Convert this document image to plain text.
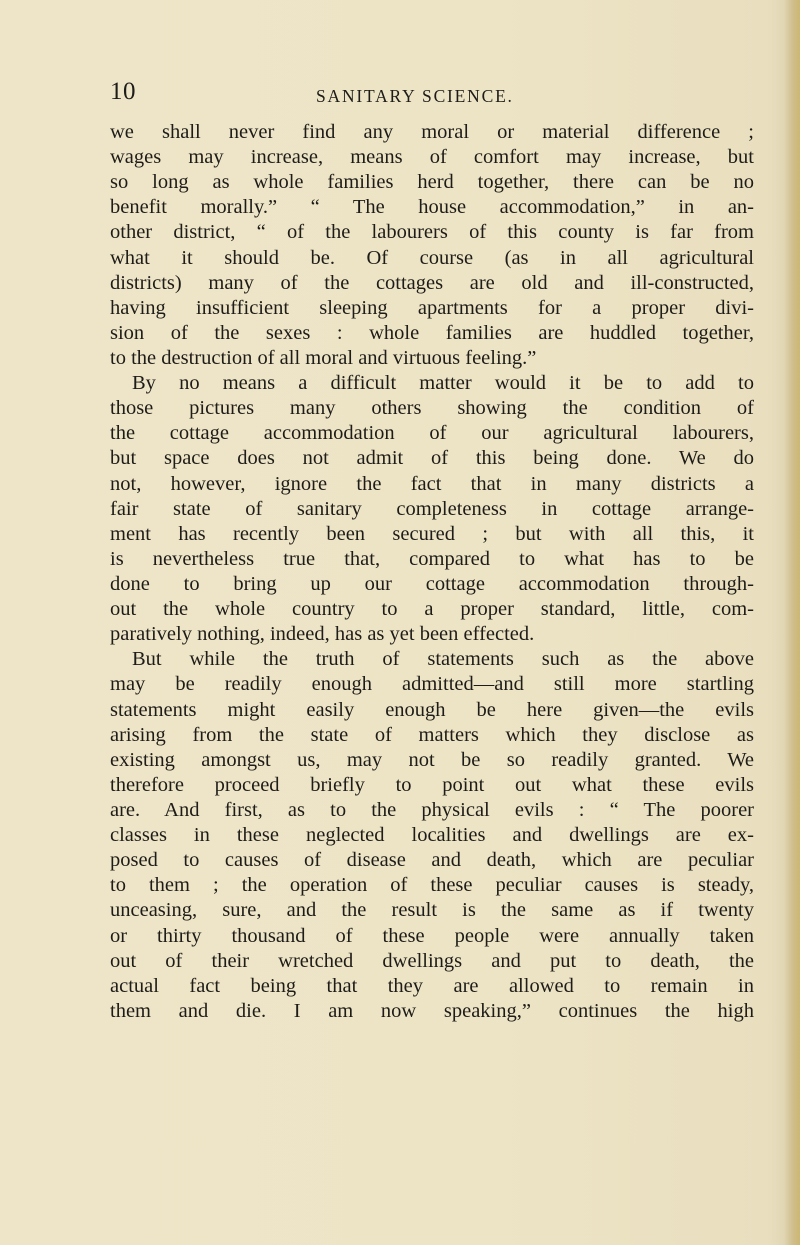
10	SANITARY SCIENCE.
we shall never find any moral or material difference ;
wages may increase, means of comfort may increase, but
so long as whole families herd together, there can be no
benefit morally.” “ The house accommodation,” in an-
other district, “ of the labourers of this county is far from
what it should be. Of course (as in all agricultural
districts) many of the cottages are old and ill-constructed,
having insufficient sleeping apartments for a proper divi-
sion of the sexes : whole families are huddled together,
to the destruction of all moral and virtuous feeling.”
By no means a difficult matter would it be to add to
those pictures many others showing the condition of
the cottage accommodation of our agricultural labourers,
but space does not admit of this being done. We do
not, however, ignore the fact that in many districts a
fair state of sanitary completeness in cottage arrange-
ment has recently been secured ; but with all this, it
is nevertheless true that, compared to what has to be
done to bring up our cottage accommodation through-
out the whole country to a proper standard, little, com-
paratively nothing, indeed, has as yet been effected.
But while the truth of statements such as the above
may be readily enough admitted—and still more startling
statements might easily enough be here given—the evils
arising from the state of matters which they disclose as
existing amongst us, may not be so readily granted. We
therefore proceed briefly to point out what these evils
are. And first, as to the physical evils : “ The poorer
classes in these neglected localities and dwellings are ex-
posed to causes of disease and death, which are peculiar
to them ; the operation of these peculiar causes is steady,
unceasing, sure, and the result is the same as if twenty
or thirty thousand of these people were annually taken
out of their wretched dwellings and put to death, the
actual fact being that they are allowed to remain in
them and die. I am now speaking,” continues the high
